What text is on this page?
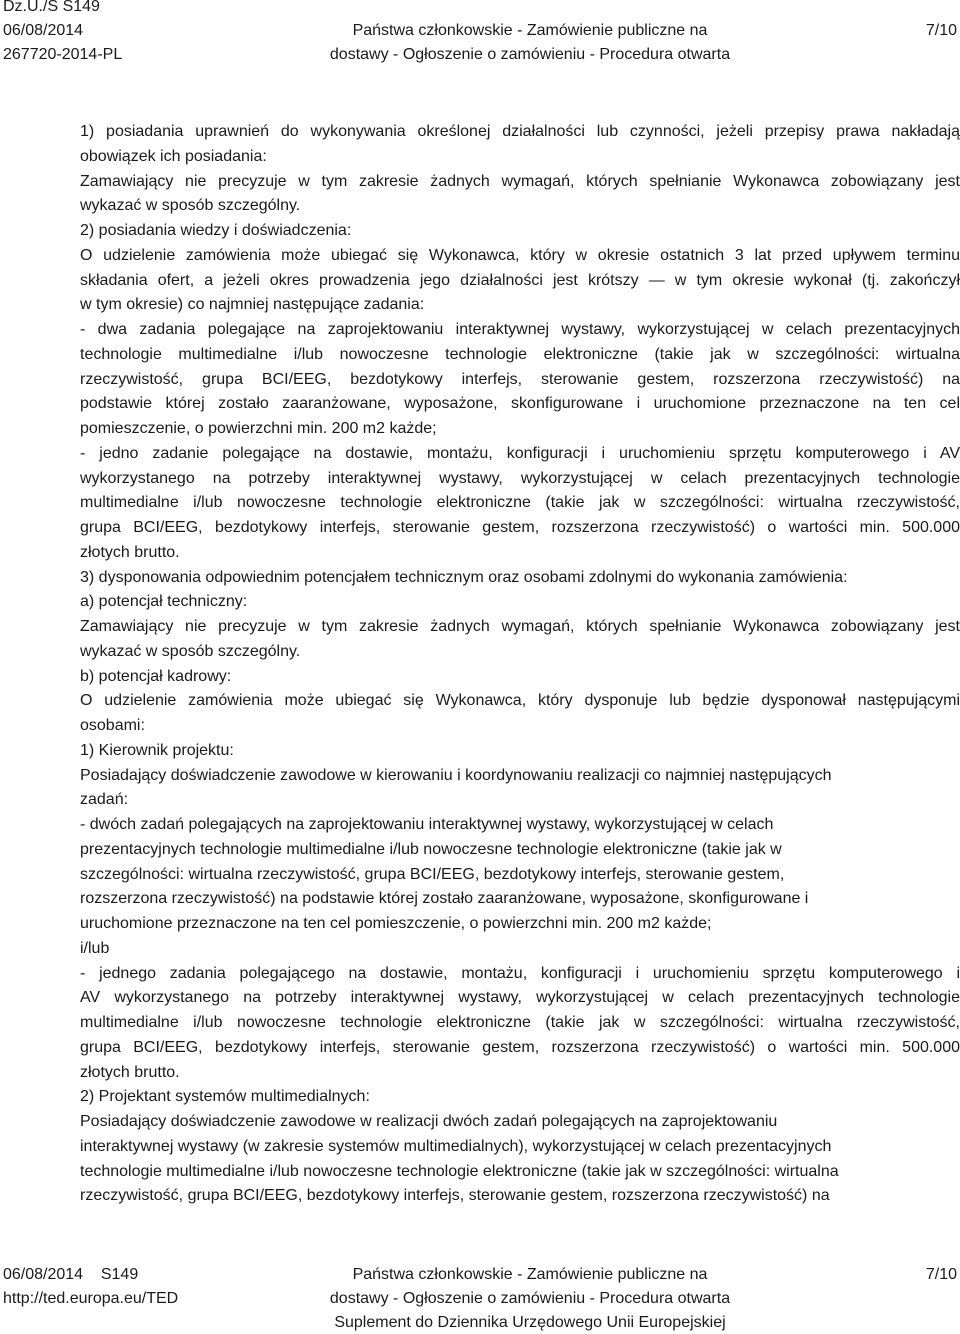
Dz.U./S S149
06/08/2014
267720-2014-PL
Państwa członkowskie - Zamówienie publiczne na
dostawy - Ogłoszenie o zamówieniu - Procedura otwarta
7/10
1) posiadania uprawnień do wykonywania określonej działalności lub czynności, jeżeli przepisy prawa nakładają
obowiązek ich posiadania:
Zamawiający nie precyzuje w tym zakresie żadnych wymagań, których spełnianie Wykonawca zobowiązany jest
wykazać w sposób szczególny.
2) posiadania wiedzy i doświadczenia:
O udzielenie zamówienia może ubiegać się Wykonawca, który w okresie ostatnich 3 lat przed upływem terminu
składania ofert, a jeżeli okres prowadzenia jego działalności jest krótszy — w tym okresie wykonał (tj. zakończył
w tym okresie) co najmniej następujące zadania:
- dwa zadania polegające na zaprojektowaniu interaktywnej wystawy, wykorzystującej w celach prezentacyjnych
technologie multimedialne i/lub nowoczesne technologie elektroniczne (takie jak w szczególności: wirtualna
rzeczywistość, grupa BCI/EEG, bezdotykowy interfejs, sterowanie gestem, rozszerzona rzeczywistość) na
podstawie której zostało zaaranżowane, wyposażone, skonfigurowane i uruchomione przeznaczone na ten cel
pomieszczenie, o powierzchni min. 200 m2 każde;
- jedno zadanie polegające na dostawie, montażu, konfiguracji i uruchomieniu sprzętu komputerowego i AV
wykorzystanego na potrzeby interaktywnej wystawy, wykorzystującej w celach prezentacyjnych technologie
multimedialne i/lub nowoczesne technologie elektroniczne (takie jak w szczególności: wirtualna rzeczywistość,
grupa BCI/EEG, bezdotykowy interfejs, sterowanie gestem, rozszerzona rzeczywistość) o wartości min. 500.000
złotych brutto.
3) dysponowania odpowiednim potencjałem technicznym oraz osobami zdolnymi do wykonania zamówienia:
a) potencjał techniczny:
Zamawiający nie precyzuje w tym zakresie żadnych wymagań, których spełnianie Wykonawca zobowiązany jest
wykazać w sposób szczególny.
b) potencjał kadrowy:
O udzielenie zamówienia może ubiegać się Wykonawca, który dysponuje lub będzie dysponował następującymi
osobami:
1) Kierownik projektu:
Posiadający doświadczenie zawodowe w kierowaniu i koordynowaniu realizacji co najmniej następujących
zadań:
- dwóch zadań polegających na zaprojektowaniu interaktywnej wystawy, wykorzystującej w celach
prezentacyjnych technologie multimedialne i/lub nowoczesne technologie elektroniczne (takie jak w
szczególności: wirtualna rzeczywistość, grupa BCI/EEG, bezdotykowy interfejs, sterowanie gestem,
rozszerzona rzeczywistość) na podstawie której zostało zaaranżowane, wyposażone, skonfigurowane i
uruchomione przeznaczone na ten cel pomieszczenie, o powierzchni min. 200 m2 każde;
i/lub
- jednego zadania polegającego na dostawie, montażu, konfiguracji i uruchomieniu sprzętu komputerowego i
AV wykorzystanego na potrzeby interaktywnej wystawy, wykorzystującej w celach prezentacyjnych technologie
multimedialne i/lub nowoczesne technologie elektroniczne (takie jak w szczególności: wirtualna rzeczywistość,
grupa BCI/EEG, bezdotykowy interfejs, sterowanie gestem, rozszerzona rzeczywistość) o wartości min. 500.000
złotych brutto.
2) Projektant systemów multimedialnych:
Posiadający doświadczenie zawodowe w realizacji dwóch zadań polegających na zaprojektowaniu
interaktywnej wystawy (w zakresie systemów multimedialnych), wykorzystującej w celach prezentacyjnych
technologie multimedialne i/lub nowoczesne technologie elektroniczne (takie jak w szczególności: wirtualna
rzeczywistość, grupa BCI/EEG, bezdotykowy interfejs, sterowanie gestem, rozszerzona rzeczywistość) na
06/08/2014    S149
http://ted.europa.eu/TED
Państwa członkowskie - Zamówienie publiczne na
dostawy - Ogłoszenie o zamówieniu - Procedura otwarta
Suplement do Dziennika Urzędowego Unii Europejskiej
7/10
